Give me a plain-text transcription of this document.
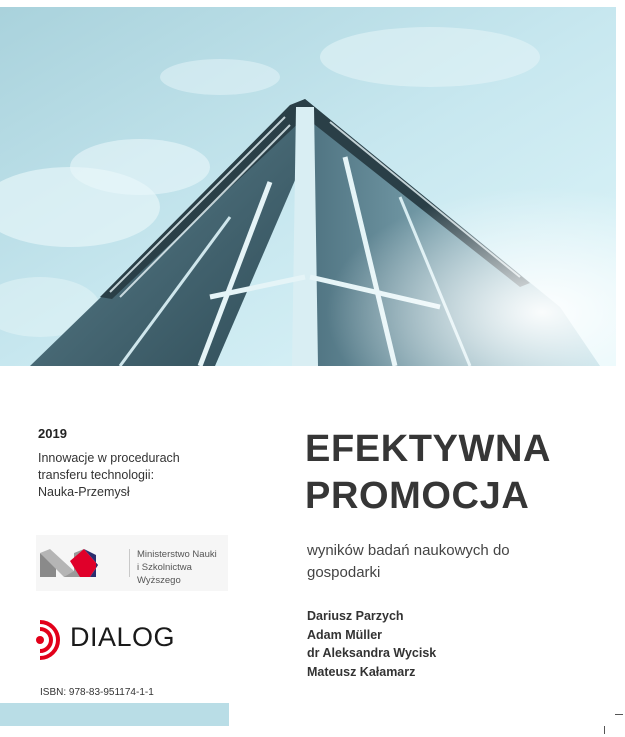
2019
Innowacje w procedurach
transferu technologii:
Nauka-Przemysł
Ministerstwo Nauki
i Szkolnictwa Wyższego
DIALOG
ISBN: 978-83-951174-1-1
EFEKTYWNA
PROMOCJA
wyników badań naukowych do
gospodarki
Dariusz Parzych
Adam Müller
dr Aleksandra Wycisk
Mateusz Kałamarz
